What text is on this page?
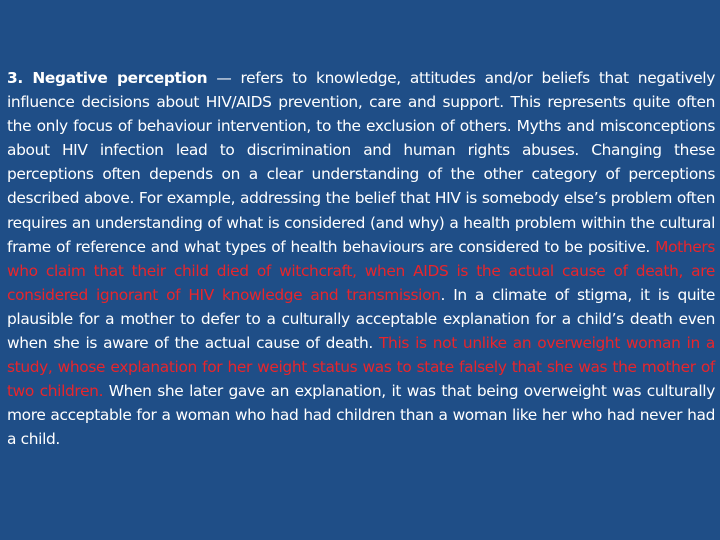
3. Negative perception — refers to knowledge, attitudes and/or beliefs that negatively influence decisions about HIV/AIDS prevention, care and support. This represents quite often the only focus of behaviour intervention, to the exclusion of others. Myths and misconceptions about HIV infection lead to discrimination and human rights abuses. Changing these perceptions often depends on a clear understanding of the other category of perceptions described above. For example, addressing the belief that HIV is somebody else’s problem often requires an understanding of what is considered (and why) a health problem within the cultural frame of reference and what types of health behaviours are considered to be positive. Mothers who claim that their child died of witchcraft, when AIDS is the actual cause of death, are considered ignorant of HIV knowledge and transmission. In a climate of stigma, it is quite plausible for a mother to defer to a culturally acceptable explanation for a child’s death even when she is aware of the actual cause of death. This is not unlike an overweight woman in a study, whose explanation for her weight status was to state falsely that she was the mother of two children. When she later gave an explanation, it was that being overweight was culturally more acceptable for a woman who had had children than a woman like her who had never had a child.
